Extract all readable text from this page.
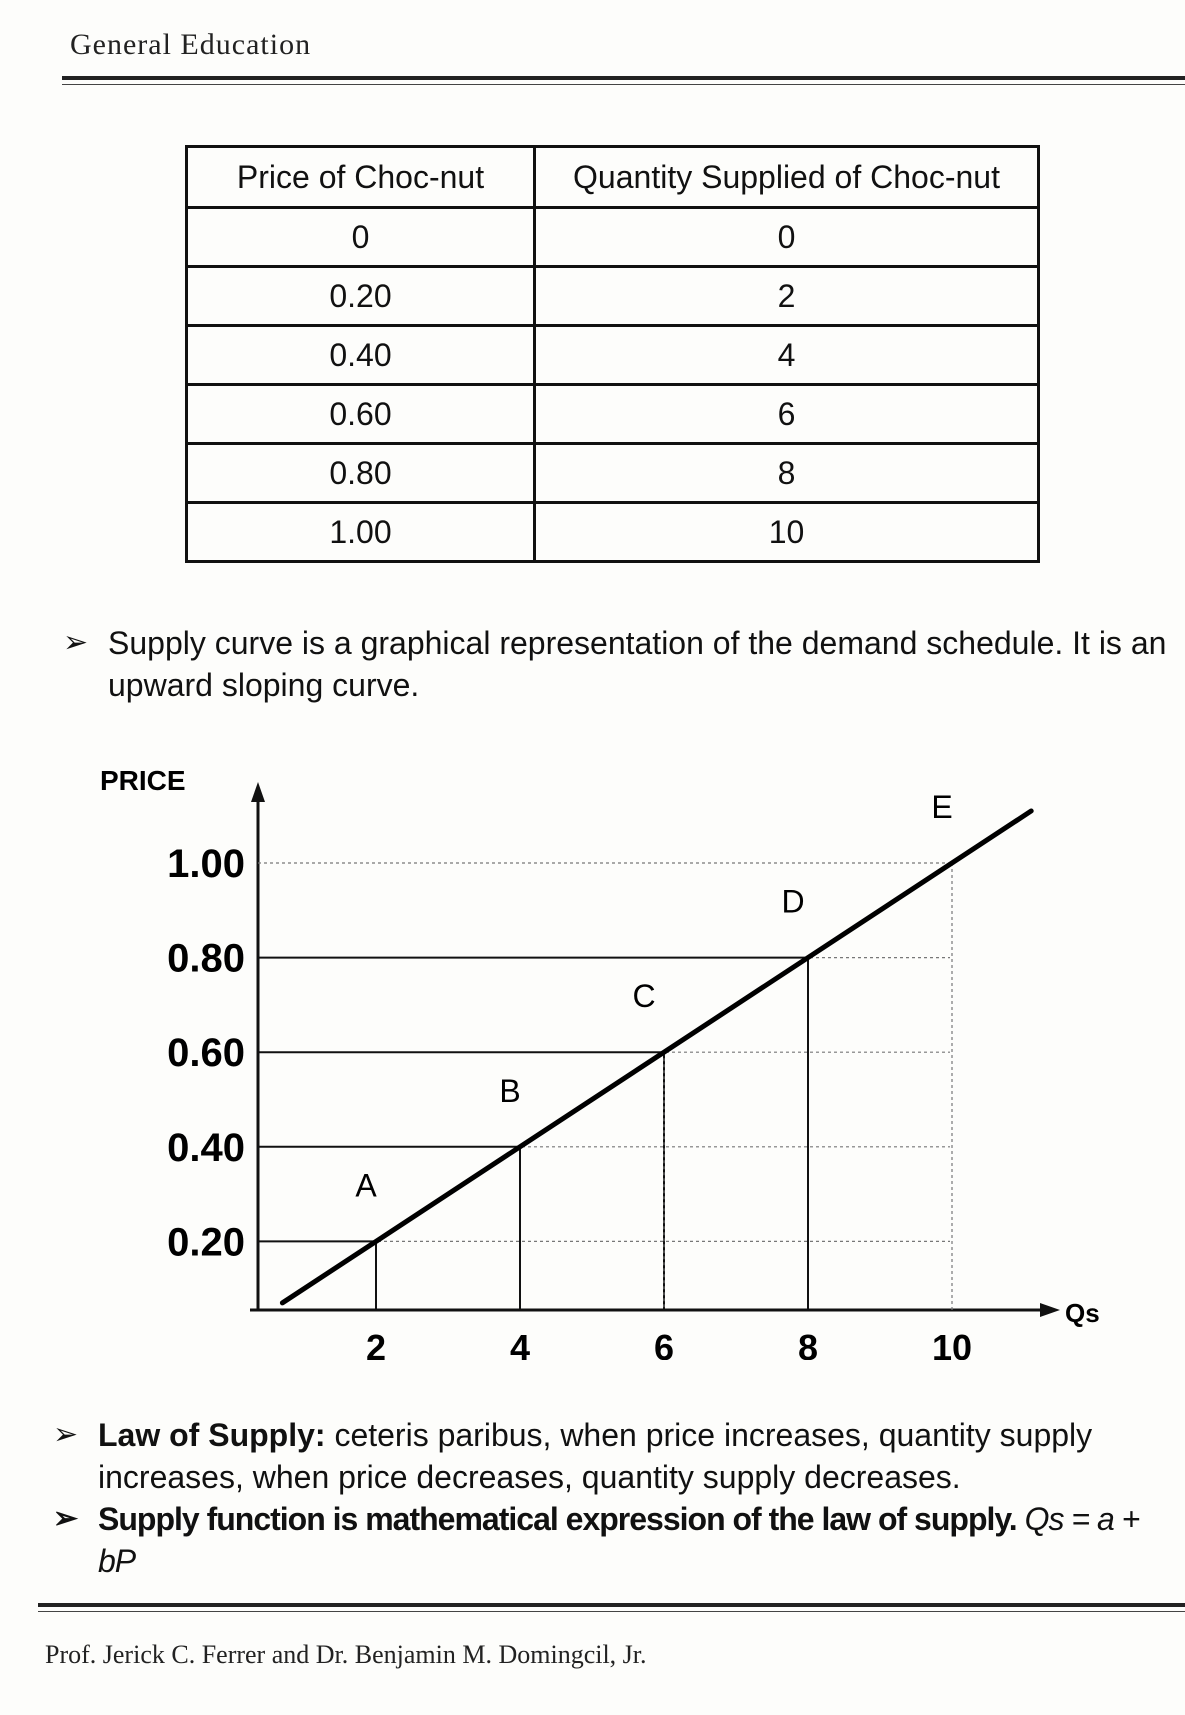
General Education
Price of Choc-nut	Quantity Supplied of Choc-nut
0	0
0.20	2
0.40	4
0.60	6
0.80	8
1.00	10
➢ Supply curve is a graphical representation of the demand schedule. It is an upward sloping curve.
PRICE
Qs
0.20
0.40
0.60
0.80
1.00
2	4	6	8	10
A
B
C
D
E
➢ Law of Supply: ceteris paribus, when price increases, quantity supply increases, when price decreases, quantity supply decreases.
➢ Supply function is mathematical expression of the law of supply. Qs = a + bP
Prof. Jerick C. Ferrer and Dr. Benjamin M. Domingcil, Jr.
